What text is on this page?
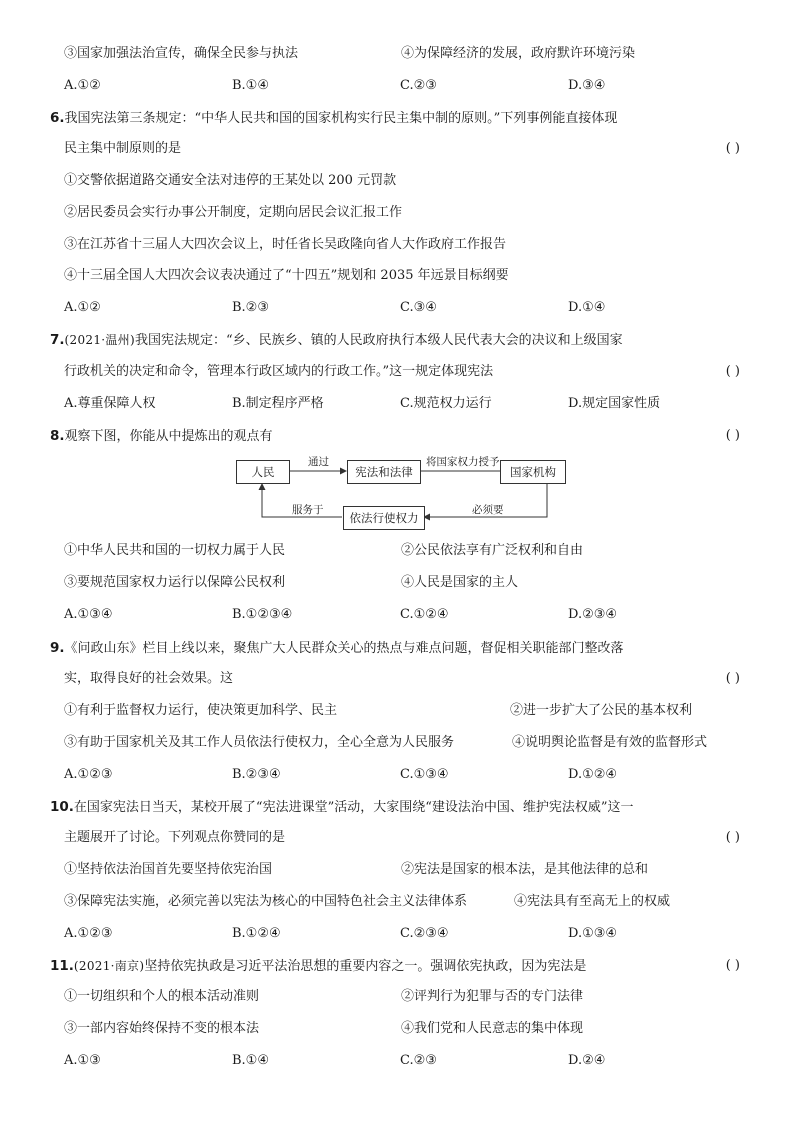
③国家加强法治宣传，确保全民参与执法	④为保障经济的发展，政府默许环境污染
A.①②	B.①④	C.②③	D.③④
6.我国宪法第三条规定：“中华人民共和国的国家机构实行民主集中制的原则。”下列事例能直接体现
民主集中制原则的是	( )
①交警依据道路交通安全法对违停的王某处以 200 元罚款
②居民委员会实行办事公开制度，定期向居民会议汇报工作
③在江苏省十三届人大四次会议上，时任省长吴政隆向省人大作政府工作报告
④十三届全国人大四次会议表决通过了“十四五”规划和 2035 年远景目标纲要
A.①②	B.②③	C.③④	D.①④
7.(2021·温州)我国宪法规定：“乡、民族乡、镇的人民政府执行本级人民代表大会的决议和上级国家
行政机关的决定和命令，管理本行政区域内的行政工作。”这一规定体现宪法	( )
A.尊重保障人权	B.制定程序严格	C.规范权力运行	D.规定国家性质
8.观察下图，你能从中提炼出的观点有	( )
人民	宪法和法律	国家机构
依法行使权力
通过	将国家权力授予
必须要
服务于
①中华人民共和国的一切权力属于人民	②公民依法享有广泛权利和自由
③要规范国家权力运行以保障公民权利	④人民是国家的主人
A.①③④	B.①②③④	C.①②④	D.②③④
9.《问政山东》栏目上线以来，聚焦广大人民群众关心的热点与难点问题，督促相关职能部门整改落
实，取得良好的社会效果。这	( )
①有利于监督权力运行，使决策更加科学、民主	②进一步扩大了公民的基本权利
③有助于国家机关及其工作人员依法行使权力，全心全意为人民服务	④说明舆论监督是有效的监督形式
A.①②③	B.②③④	C.①③④	D.①②④
10.在国家宪法日当天，某校开展了“宪法进课堂”活动，大家围绕“建设法治中国、维护宪法权威”这一
主题展开了讨论。下列观点你赞同的是	( )
①坚持依法治国首先要坚持依宪治国	②宪法是国家的根本法，是其他法律的总和
③保障宪法实施，必须完善以宪法为核心的中国特色社会主义法律体系	④宪法具有至高无上的权威
A.①②③	B.①②④	C.②③④	D.①③④
11.(2021·南京)坚持依宪执政是习近平法治思想的重要内容之一。强调依宪执政，因为宪法是	( )
①一切组织和个人的根本活动准则	②评判行为犯罪与否的专门法律
③一部内容始终保持不变的根本法	④我们党和人民意志的集中体现
A.①③	B.①④	C.②③	D.②④
